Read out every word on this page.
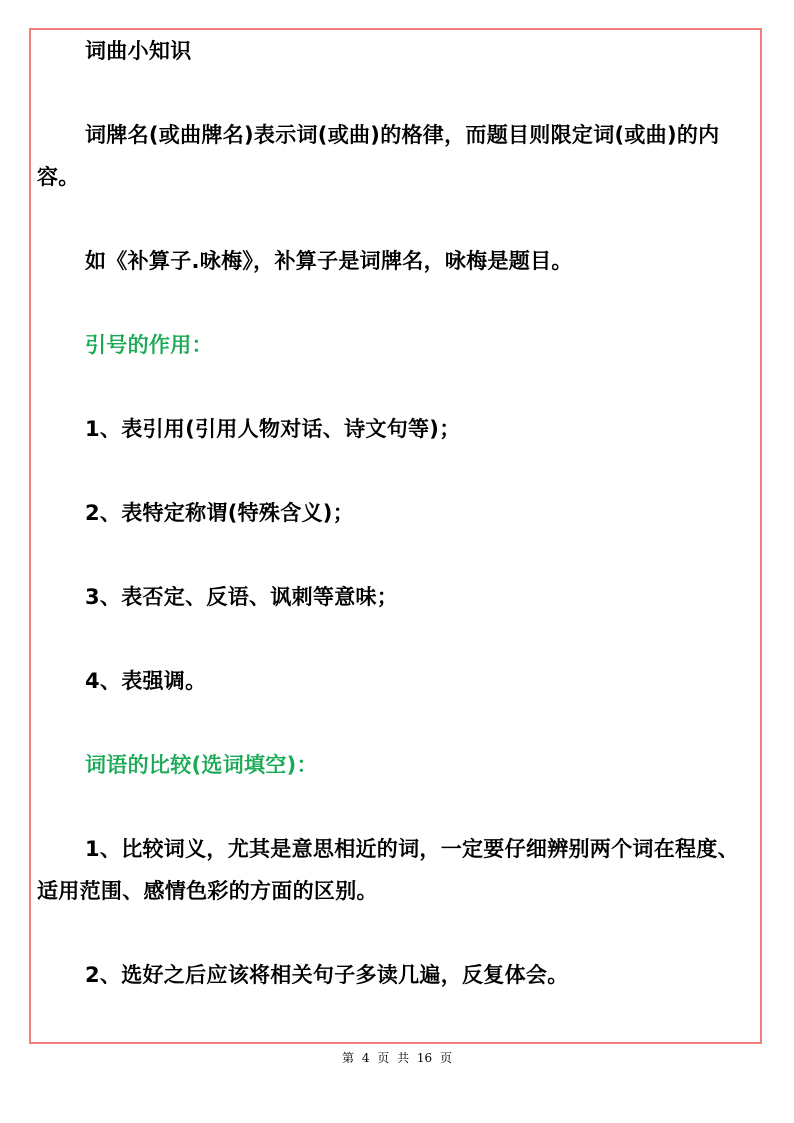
词曲小知识

词牌名(或曲牌名)表示词(或曲)的格律，而题目则限定词(或曲)的内容。

如《补算子.咏梅》，补算子是词牌名，咏梅是题目。

引号的作用：

1、表引用(引用人物对话、诗文句等)；

2、表特定称谓(特殊含义)；

3、表否定、反语、讽刺等意味；

4、表强调。

词语的比较(选词填空)：

1、比较词义，尤其是意思相近的词，一定要仔细辨别两个词在程度、适用范围、感情色彩的方面的区别。

2、选好之后应该将相关句子多读几遍，反复体会。

第 4 页 共 16 页
